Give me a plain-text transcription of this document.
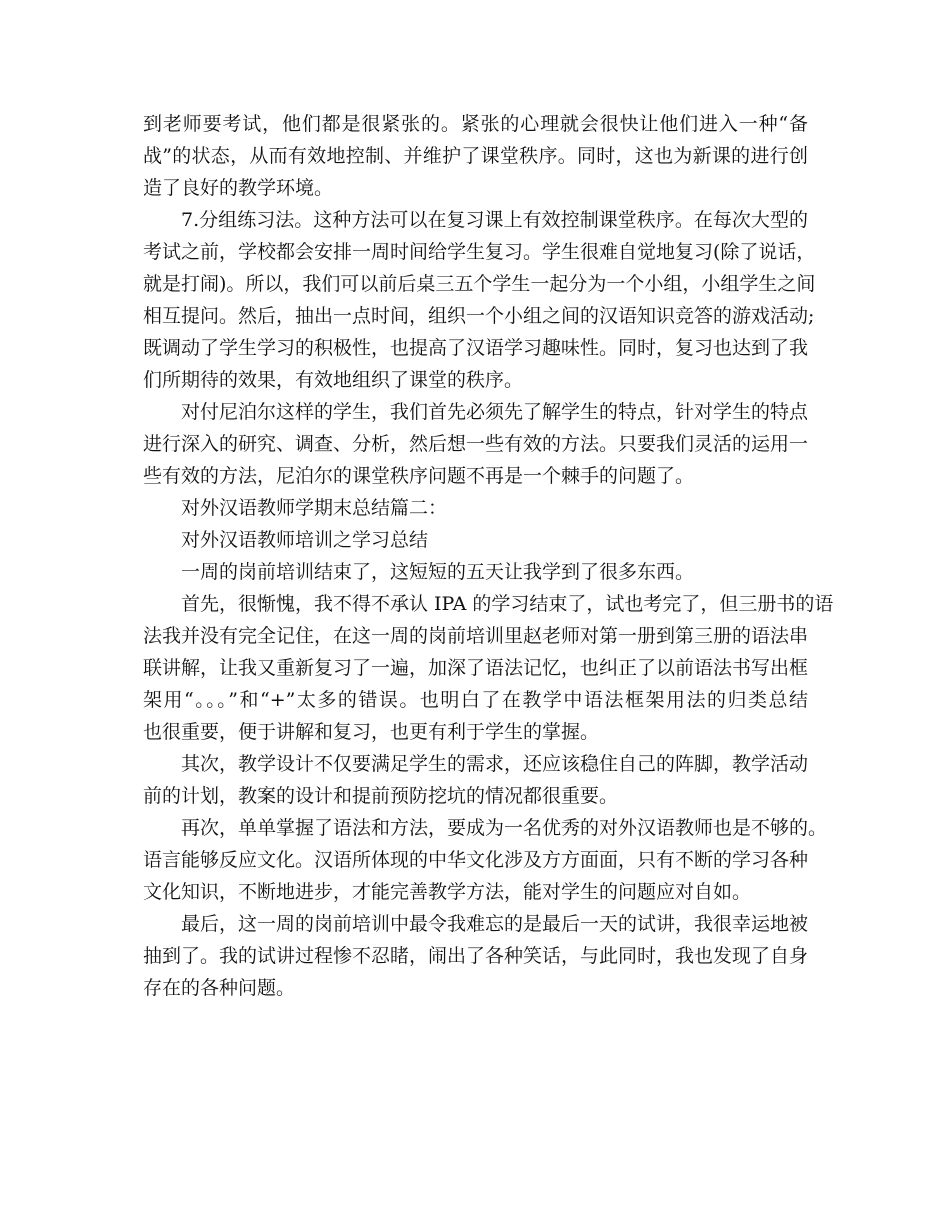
到老师要考试，他们都是很紧张的。紧张的心理就会很快让他们进入一种“备

战”的状态，从而有效地控制、并维护了课堂秩序。同时，这也为新课的进行创

造了良好的教学环境。

7.分组练习法。这种方法可以在复习课上有效控制课堂秩序。在每次大型的

考试之前，学校都会安排一周时间给学生复习。学生很难自觉地复习(除了说话，

就是打闹)。所以，我们可以前后桌三五个学生一起分为一个小组，小组学生之间

相互提问。然后，抽出一点时间，组织一个小组之间的汉语知识竞答的游戏活动;

既调动了学生学习的积极性，也提高了汉语学习趣味性。同时，复习也达到了我

们所期待的效果，有效地组织了课堂的秩序。

对付尼泊尔这样的学生，我们首先必须先了解学生的特点，针对学生的特点

进行深入的研究、调查、分析，然后想一些有效的方法。只要我们灵活的运用一

些有效的方法，尼泊尔的课堂秩序问题不再是一个棘手的问题了。

对外汉语教师学期末总结篇二：

对外汉语教师培训之学习总结

一周的岗前培训结束了，这短短的五天让我学到了很多东西。

首先，很惭愧，我不得不承认 IPA 的学习结束了，试也考完了，但三册书的语

法我并没有完全记住，在这一周的岗前培训里赵老师对第一册到第三册的语法串

联讲解，让我又重新复习了一遍，加深了语法记忆，也纠正了以前语法书写出框

架用“。。。”和“+”太多的错误。也明白了在教学中语法框架用法的归类总结

也很重要，便于讲解和复习，也更有利于学生的掌握。

其次，教学设计不仅要满足学生的需求，还应该稳住自己的阵脚，教学活动

前的计划，教案的设计和提前预防挖坑的情况都很重要。

再次，单单掌握了语法和方法，要成为一名优秀的对外汉语教师也是不够的。

语言能够反应文化。汉语所体现的中华文化涉及方方面面，只有不断的学习各种

文化知识，不断地进步，才能完善教学方法，能对学生的问题应对自如。

最后，这一周的岗前培训中最令我难忘的是最后一天的试讲，我很幸运地被

抽到了。我的试讲过程惨不忍睹，闹出了各种笑话，与此同时，我也发现了自身

存在的各种问题。
